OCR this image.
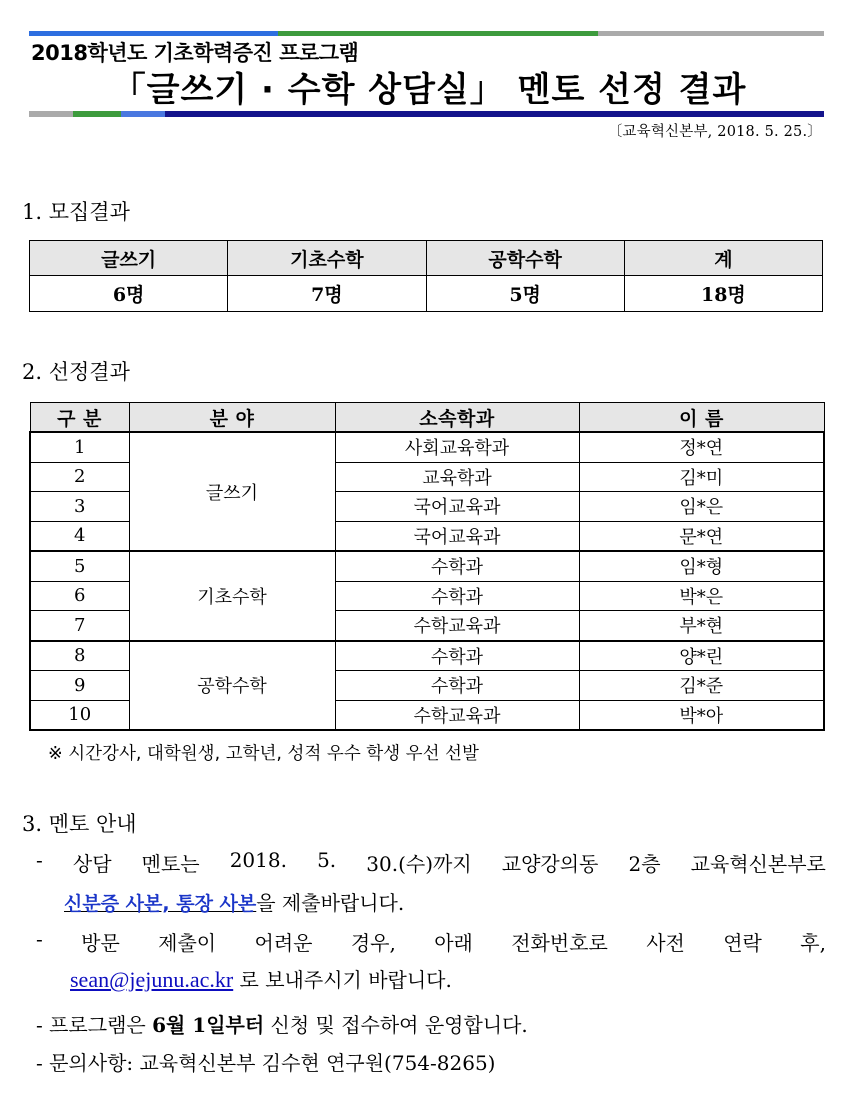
2018학년도 기초학력증진 프로그램
「글쓰기 · 수학 상담실」 멘토 선정 결과
〔교육혁신본부, 2018. 5. 25.〕
1. 모집결과
글쓰기	기초수학	공학수학	계
6명	7명	5명	18명
2. 선정결과
구 분	분 야	소속학과	이 름
1	글쓰기	사회교육학과	정*연
2		교육학과	김*미
3		국어교육과	임*은
4		국어교육과	문*연
5	기초수학	수학과	임*형
6		수학과	박*은
7		수학교육과	부*현
8	공학수학	수학과	양*린
9		수학과	김*준
10		수학교육과	박*아
※ 시간강사, 대학원생, 고학년, 성적 우수 학생 우선 선발
3. 멘토 안내
- 상담 멘토는 2018. 5. 30.(수)까지 교양강의동 2층 교육혁신본부로
신분증 사본, 통장 사본을 제출바랍니다.
- 방문 제출이 어려운 경우, 아래 전화번호로 사전 연락 후,
sean@jejunu.ac.kr 로 보내주시기 바랍니다.
- 프로그램은 6월 1일부터 신청 및 접수하여 운영합니다.
- 문의사항: 교육혁신본부 김수현 연구원(754-8265)
